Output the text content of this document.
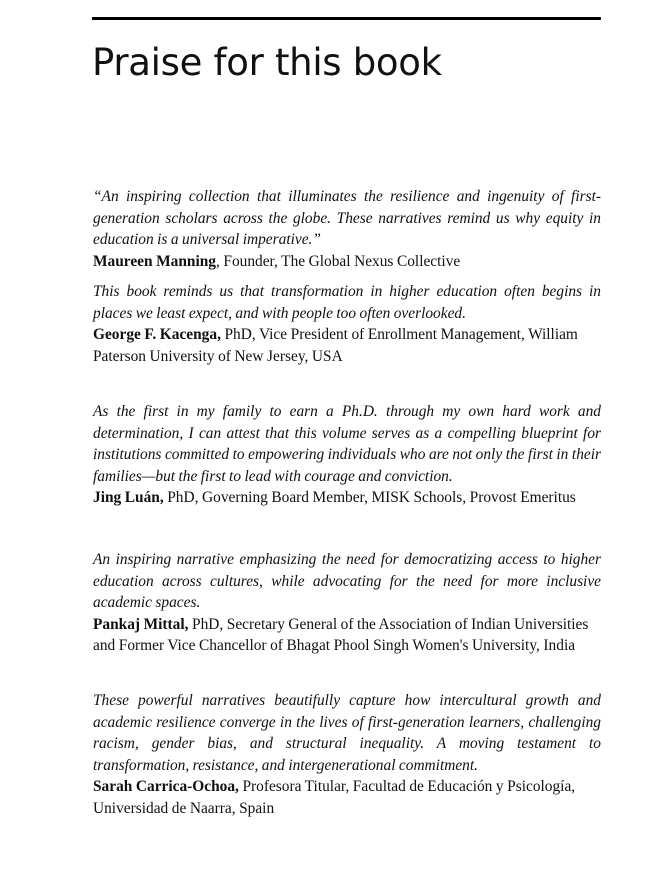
Praise for this book

“An inspiring collection that illuminates the resilience and ingenuity of first-generation scholars across the globe. These narratives remind us why equity in education is a universal imperative.”

Maureen Manning, Founder, The Global Nexus Collective

This book reminds us that transformation in higher education often begins in places we least expect, and with people too often overlooked.

George F. Kacenga, PhD, Vice President of Enrollment Management, William Paterson University of New Jersey, USA

As the first in my family to earn a Ph.D. through my own hard work and determination, I can attest that this volume serves as a compelling blueprint for institutions committed to empowering individuals who are not only the first in their families—but the first to lead with courage and conviction.

Jing Luán, PhD, Governing Board Member, MISK Schools, Provost Emeritus

An inspiring narrative emphasizing the need for democratizing access to higher education across cultures, while advocating for the need for more inclusive academic spaces.

Pankaj Mittal, PhD, Secretary General of the Association of Indian Universities and Former Vice Chancellor of Bhagat Phool Singh Women's University, India

These powerful narratives beautifully capture how intercultural growth and academic resilience converge in the lives of first-generation learners, challenging racism, gender bias, and structural inequality. A moving testament to transformation, resistance, and intergenerational commitment.

Sarah Carrica-Ochoa, Profesora Titular, Facultad de Educación y Psicología, Universidad de Naarra, Spain
